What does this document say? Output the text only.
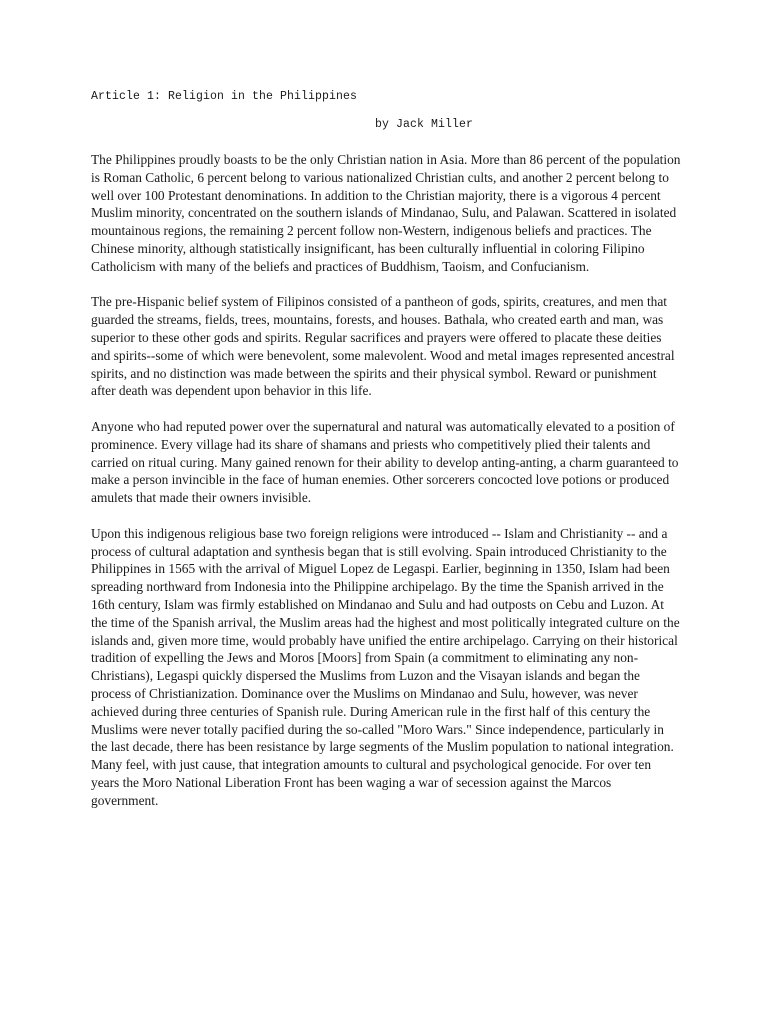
Article 1: Religion in the Philippines
by Jack Miller

The Philippines proudly boasts to be the only Christian nation in Asia. More than 86 percent of the population is Roman Catholic, 6 percent belong to various nationalized Christian cults, and another 2 percent belong to well over 100 Protestant denominations. In addition to the Christian majority, there is a vigorous 4 percent Muslim minority, concentrated on the southern islands of Mindanao, Sulu, and Palawan. Scattered in isolated mountainous regions, the remaining 2 percent follow non-Western, indigenous beliefs and practices. The Chinese minority, although statistically insignificant, has been culturally influential in coloring Filipino Catholicism with many of the beliefs and practices of Buddhism, Taoism, and Confucianism.

The pre-Hispanic belief system of Filipinos consisted of a pantheon of gods, spirits, creatures, and men that guarded the streams, fields, trees, mountains, forests, and houses. Bathala, who created earth and man, was superior to these other gods and spirits. Regular sacrifices and prayers were offered to placate these deities and spirits--some of which were benevolent, some malevolent. Wood and metal images represented ancestral spirits, and no distinction was made between the spirits and their physical symbol. Reward or punishment after death was dependent upon behavior in this life.

Anyone who had reputed power over the supernatural and natural was automatically elevated to a position of prominence. Every village had its share of shamans and priests who competitively plied their talents and carried on ritual curing. Many gained renown for their ability to develop anting-anting, a charm guaranteed to make a person invincible in the face of human enemies. Other sorcerers concocted love potions or produced amulets that made their owners invisible.

Upon this indigenous religious base two foreign religions were introduced -- Islam and Christianity -- and a process of cultural adaptation and synthesis began that is still evolving. Spain introduced Christianity to the Philippines in 1565 with the arrival of Miguel Lopez de Legaspi. Earlier, beginning in 1350, Islam had been spreading northward from Indonesia into the Philippine archipelago. By the time the Spanish arrived in the 16th century, Islam was firmly established on Mindanao and Sulu and had outposts on Cebu and Luzon. At the time of the Spanish arrival, the Muslim areas had the highest and most politically integrated culture on the islands and, given more time, would probably have unified the entire archipelago. Carrying on their historical tradition of expelling the Jews and Moros [Moors] from Spain (a commitment to eliminating any non-Christians), Legaspi quickly dispersed the Muslims from Luzon and the Visayan islands and began the process of Christianization. Dominance over the Muslims on Mindanao and Sulu, however, was never achieved during three centuries of Spanish rule. During American rule in the first half of this century the Muslims were never totally pacified during the so-called "Moro Wars." Since independence, particularly in the last decade, there has been resistance by large segments of the Muslim population to national integration. Many feel, with just cause, that integration amounts to cultural and psychological genocide. For over ten years the Moro National Liberation Front has been waging a war of secession against the Marcos government.
